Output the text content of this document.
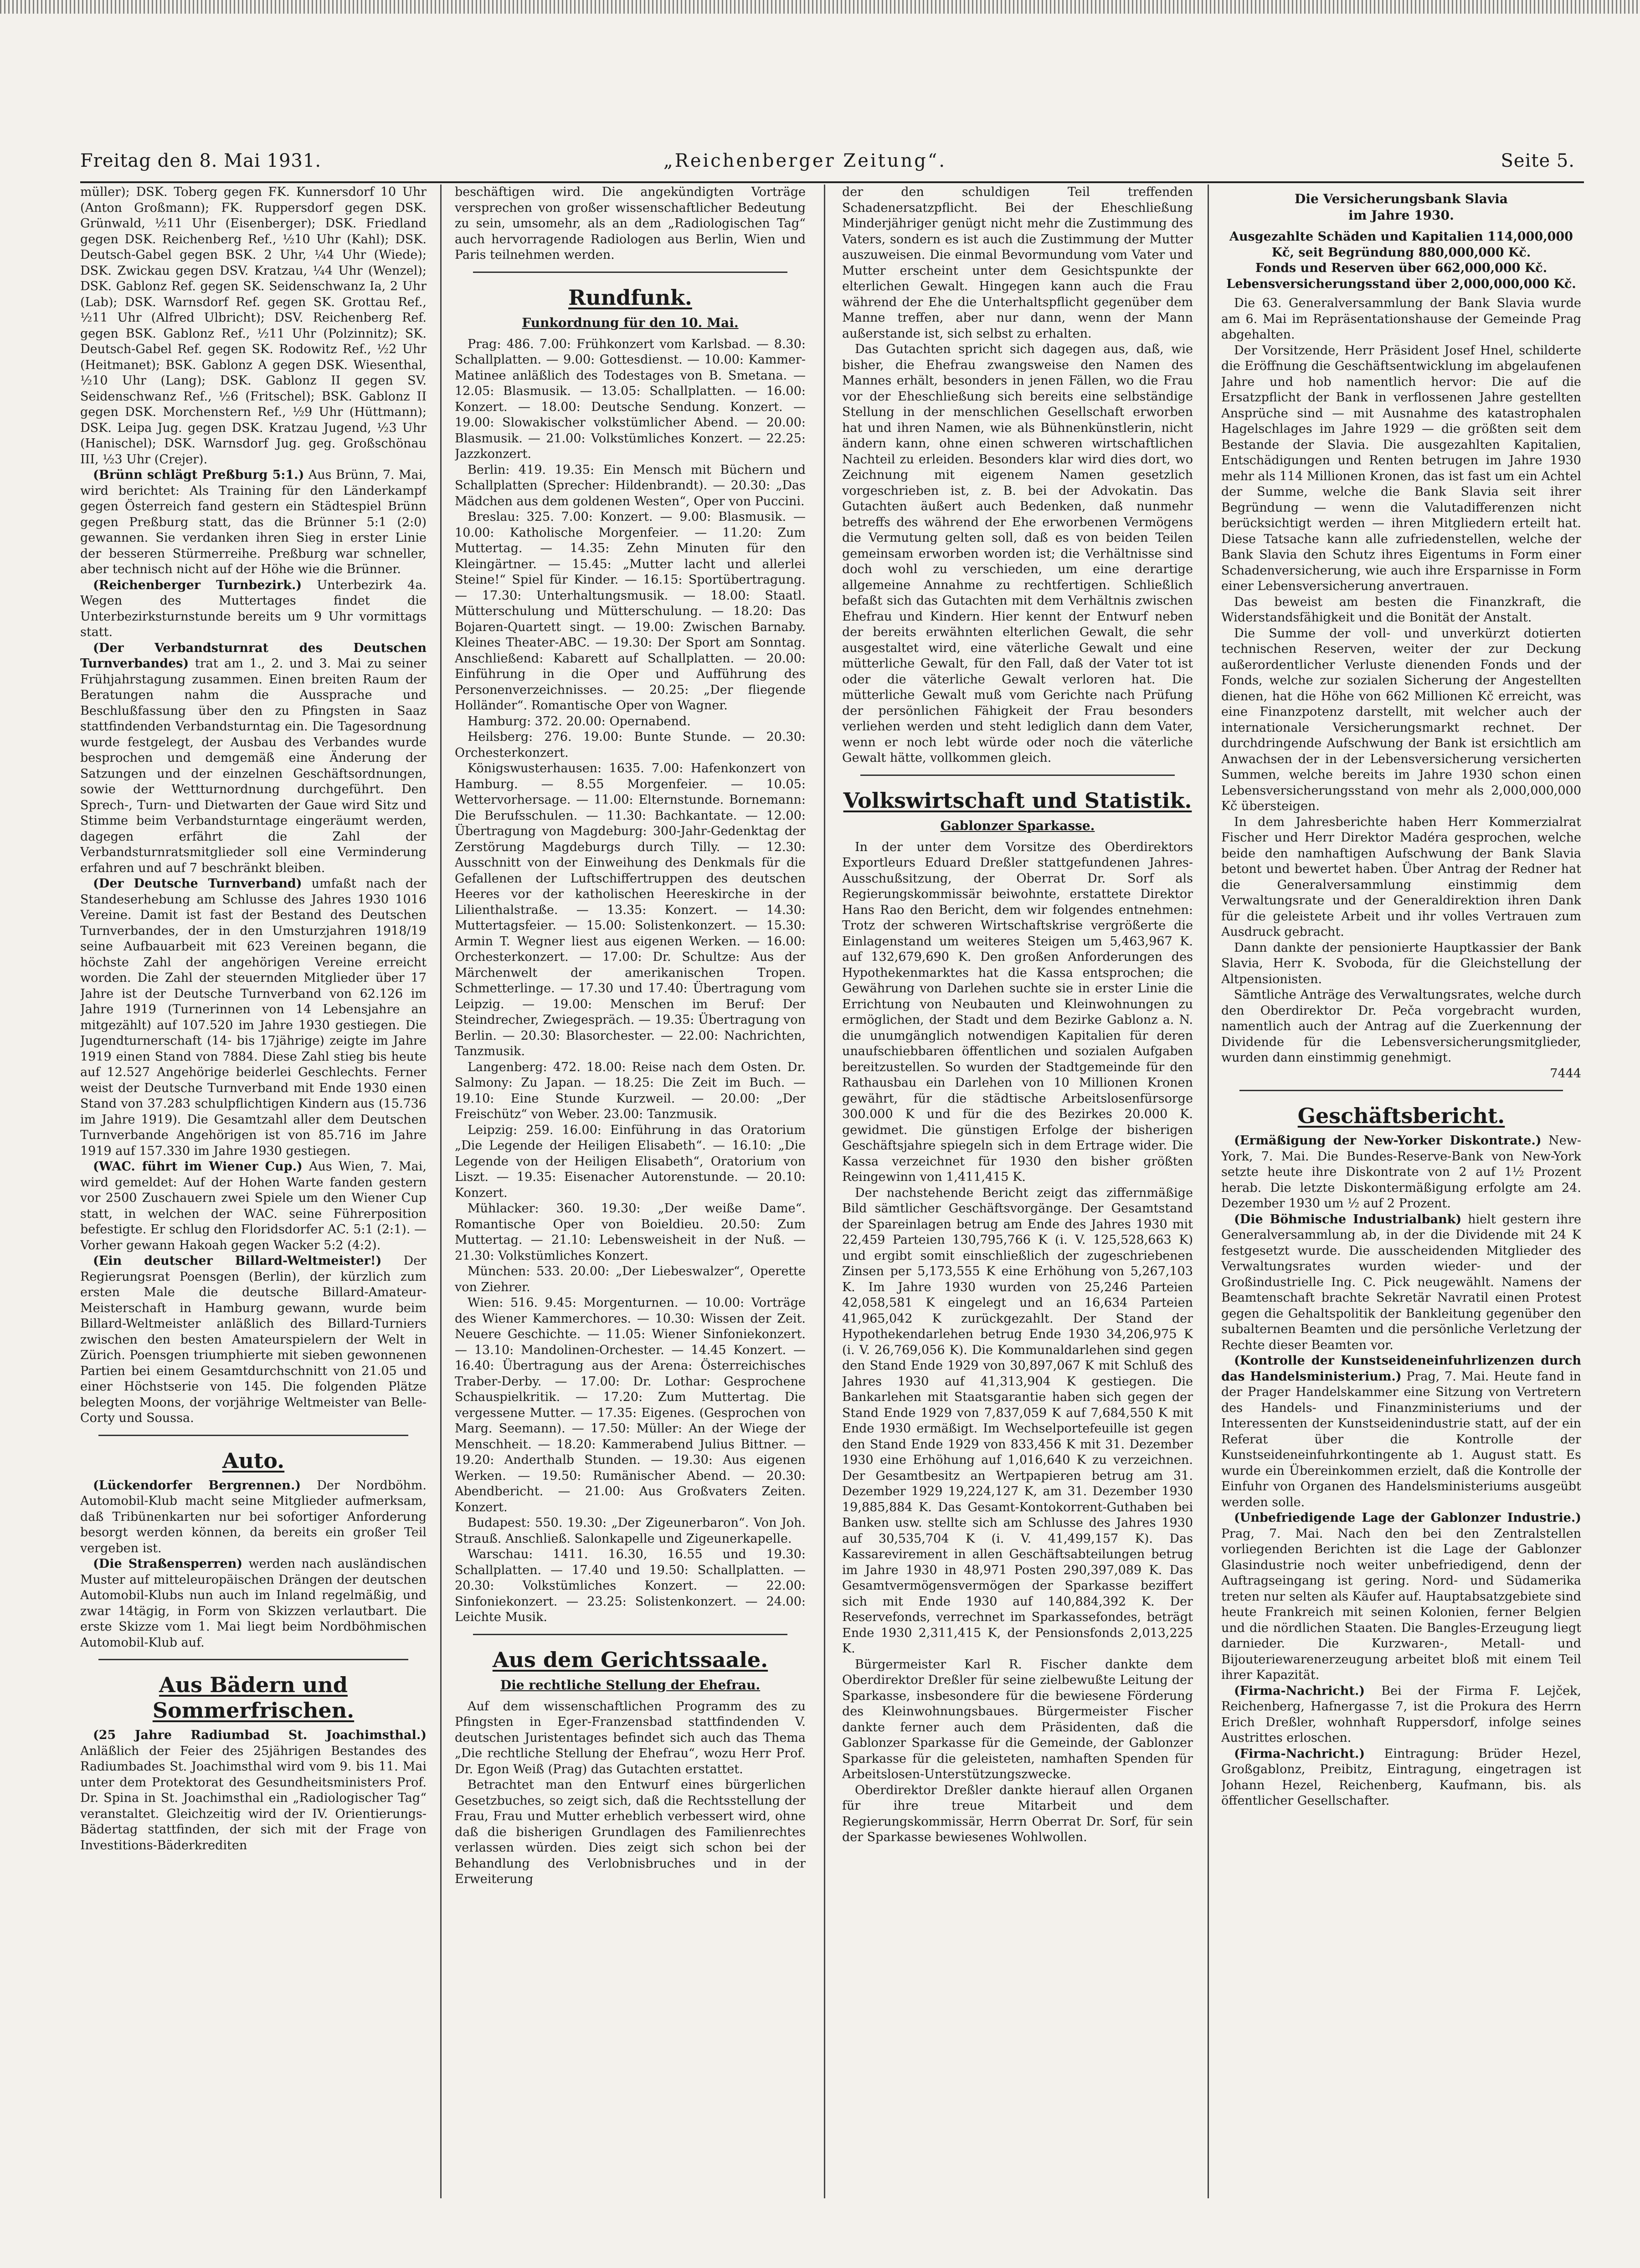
Freitag den 8. Mai 1931.	„Reichenberger Zeitung“.	Seite 5.

müller); DSK. Toberg gegen FK. Kunnersdorf 10 Uhr (Anton Großmann); FK. Ruppersdorf gegen DSK. Grünwald, ½11 Uhr (Eisenberger); DSK. Friedland gegen DSK. Reichenberg Ref., ½10 Uhr (Kahl); DSK. Deutsch-Gabel gegen BSK. 2 Uhr, ¼4 Uhr (Wiede); DSK. Zwickau gegen DSV. Kratzau, ¼4 Uhr (Wenzel); DSK. Gablonz Ref. gegen SK. Seidenschwanz Ia, 2 Uhr (Lab); DSK. Warnsdorf Ref. gegen SK. Grottau Ref., ½11 Uhr (Alfred Ulbricht); DSV. Reichenberg Ref. gegen BSK. Gablonz Ref., ½11 Uhr (Polzinnitz); SK. Deutsch-Gabel Ref. gegen SK. Rodowitz Ref., ½2 Uhr (Heitmanet); BSK. Gablonz A gegen DSK. Wiesenthal, ½10 Uhr (Lang); DSK. Gablonz II gegen SV. Seidenschwanz Ref., ½6 (Fritschel); BSK. Gablonz II gegen DSK. Morchenstern Ref., ½9 Uhr (Hüttmann); DSK. Leipa Jug. gegen DSK. Kratzau Jugend, ½3 Uhr (Hanischel); DSK. Warnsdorf Jug. geg. Großschönau III, ½3 Uhr (Crejer).

(Brünn schlägt Preßburg 5:1.) Aus Brünn, 7. Mai, wird berichtet: Als Training für den Länderkampf gegen Österreich fand gestern ein Städtespiel Brünn gegen Preßburg statt, das die Brünner 5:1 (2:0) gewannen. Sie verdanken ihren Sieg in erster Linie der besseren Stürmerreihe. Preßburg war schneller, aber technisch nicht auf der Höhe wie die Brünner.

(Reichenberger Turnbezirk.) Unterbezirk 4a. Wegen des Muttertages findet die Unterbezirksturnstunde bereits um 9 Uhr vormittags statt.

(Der Verbandsturnrat des Deutschen Turnverbandes) trat am 1., 2. und 3. Mai zu seiner Frühjahrstagung zusammen. Einen breiten Raum der Beratungen nahm die Aussprache und Beschlußfassung über den zu Pfingsten in Saaz stattfindenden Verbandsturntag ein. Die Tagesordnung wurde festgelegt, der Ausbau des Verbandes wurde besprochen und demgemäß eine Änderung der Satzungen und der einzelnen Geschäftsordnungen, sowie der Wettturnordnung durchgeführt. Den Sprech-, Turn- und Dietwarten der Gaue wird Sitz und Stimme beim Verbandsturntage eingeräumt werden, dagegen erfährt die Zahl der Verbandsturnratsmitglieder soll eine Verminderung erfahren und auf 7 beschränkt bleiben.

(Der Deutsche Turnverband) umfaßt nach der Standeserhebung am Schlusse des Jahres 1930 1016 Vereine. Damit ist fast der Bestand des Deutschen Turnverbandes, der in den Umsturzjahren 1918/19 seine Aufbauarbeit mit 623 Vereinen begann, die höchste Zahl der angehörigen Vereine erreicht worden. Die Zahl der steuernden Mitglieder über 17 Jahre ist der Deutsche Turnverband von 62.126 im Jahre 1919 (Turnerinnen von 14 Lebensjahre an mitgezählt) auf 107.520 im Jahre 1930 gestiegen. Die Jugendturnerschaft (14- bis 17jährige) zeigte im Jahre 1919 einen Stand von 7884. Diese Zahl stieg bis heute auf 12.527 Angehörige beiderlei Geschlechts. Ferner weist der Deutsche Turnverband mit Ende 1930 einen Stand von 37.283 schulpflichtigen Kindern aus (15.736 im Jahre 1919). Die Gesamtzahl aller dem Deutschen Turnverbande Angehörigen ist von 85.716 im Jahre 1919 auf 157.330 im Jahre 1930 gestiegen.

(WAC. führt im Wiener Cup.) Aus Wien, 7. Mai, wird gemeldet: Auf der Hohen Warte fanden gestern vor 2500 Zuschauern zwei Spiele um den Wiener Cup statt, in welchen der WAC. seine Führerposition befestigte. Er schlug den Floridsdorfer AC. 5:1 (2:1). — Vorher gewann Hakoah gegen Wacker 5:2 (4:2).

(Ein deutscher Billard-Weltmeister!) Der Regierungsrat Poensgen (Berlin), der kürzlich zum ersten Male die deutsche Billard-Amateur-Meisterschaft in Hamburg gewann, wurde beim Billard-Weltmeister anläßlich des Billard-Turniers zwischen den besten Amateurspielern der Welt in Zürich. Poensgen triumphierte mit sieben gewonnenen Partien bei einem Gesamtdurchschnitt von 21.05 und einer Höchstserie von 145. Die folgenden Plätze belegten Moons, der vorjährige Weltmeister van Belle-Corty und Soussa.

Auto.

(Lückendorfer Bergrennen.) Der Nordböhm. Automobil-Klub macht seine Mitglieder aufmerksam, daß Tribünenkarten nur bei sofortiger Anforderung besorgt werden können, da bereits ein großer Teil vergeben ist.

(Die Straßensperren) werden nach ausländischen Muster auf mitteleuropäischen Drängen der deutschen Automobil-Klubs nun auch im Inland regelmäßig, und zwar 14tägig, in Form von Skizzen verlautbart. Die erste Skizze vom 1. Mai liegt beim Nordböhmischen Automobil-Klub auf.

Aus Bädern und Sommerfrischen.

(25 Jahre Radiumbad St. Joachimsthal.) Anläßlich der Feier des 25jährigen Bestandes des Radiumbades St. Joachimsthal wird vom 9. bis 11. Mai unter dem Protektorat des Gesundheitsministers Prof. Dr. Spina in St. Joachimsthal ein „Radiologischer Tag“ veranstaltet. Gleichzeitig wird der IV. Orientierungs-Bädertag stattfinden, der sich mit der Frage von Investitions-Bäderkrediten

beschäftigen wird. Die angekündigten Vorträge versprechen von großer wissenschaftlicher Bedeutung zu sein, umsomehr, als an dem „Radiologischen Tag“ auch hervorragende Radiologen aus Berlin, Wien und Paris teilnehmen werden.

Rundfunk.
Funkordnung für den 10. Mai.

Prag: 486. 7.00: Frühkonzert vom Karlsbad. — 8.30: Schallplatten. — 9.00: Gottesdienst. — 10.00: Kammer-Matinee anläßlich des Todestages von B. Smetana. — 12.05: Blasmusik. — 13.05: Schallplatten. — 16.00: Konzert. — 18.00: Deutsche Sendung. Konzert. — 19.00: Slowakischer volkstümlicher Abend. — 20.00: Blasmusik. — 21.00: Volkstümliches Konzert. — 22.25: Jazzkonzert.

Berlin: 419. 19.35: Ein Mensch mit Büchern und Schallplatten (Sprecher: Hildenbrandt). — 20.30: „Das Mädchen aus dem goldenen Westen“, Oper von Puccini.

Breslau: 325. 7.00: Konzert. — 9.00: Blasmusik. — 10.00: Katholische Morgenfeier. — 11.20: Zum Muttertag. — 14.35: Zehn Minuten für den Kleingärtner. — 15.45: „Mutter lacht und allerlei Steine!“ Spiel für Kinder. — 16.15: Sportübertragung. — 17.30: Unterhaltungsmusik. — 18.00: Staatl. Mütterschulung und Mütterschulung. — 18.20: Das Bojaren-Quartett singt. — 19.00: Zwischen Barnaby. Kleines Theater-ABC. — 19.30: Der Sport am Sonntag. Anschließend: Kabarett auf Schallplatten. — 20.00: Einführung in die Oper und Aufführung des Personenverzeichnisses. — 20.25: „Der fliegende Holländer“. Romantische Oper von Wagner.

Hamburg: 372. 20.00: Opernabend.

Heilsberg: 276. 19.00: Bunte Stunde. — 20.30: Orchesterkonzert.

Königswusterhausen: 1635. 7.00: Hafenkonzert von Hamburg. — 8.55 Morgenfeier. — 10.05: Wettervorhersage. — 11.00: Elternstunde. Bornemann: Die Berufsschulen. — 11.30: Bachkantate. — 12.00: Übertragung von Magdeburg: 300-Jahr-Gedenktag der Zerstörung Magdeburgs durch Tilly. — 12.30: Ausschnitt von der Einweihung des Denkmals für die Gefallenen der Luftschiffertruppen des deutschen Heeres vor der katholischen Heereskirche in der Lilienthalstraße. — 13.35: Konzert. — 14.30: Muttertagsfeier. — 15.00: Solistenkonzert. — 15.30: Armin T. Wegner liest aus eigenen Werken. — 16.00: Orchesterkonzert. — 17.00: Dr. Schultze: Aus der Märchenwelt der amerikanischen Tropen. Schmetterlinge. — 17.30 und 17.40: Übertragung vom Leipzig. — 19.00: Menschen im Beruf: Der Steindrecher, Zwiegespräch. — 19.35: Übertragung von Berlin. — 20.30: Blasorchester. — 22.00: Nachrichten, Tanzmusik.

Langenberg: 472. 18.00: Reise nach dem Osten. Dr. Salmony: Zu Japan. — 18.25: Die Zeit im Buch. — 19.10: Eine Stunde Kurzweil. — 20.00: „Der Freischütz“ von Weber. 23.00: Tanzmusik.

Leipzig: 259. 16.00: Einführung in das Oratorium „Die Legende der Heiligen Elisabeth“. — 16.10: „Die Legende von der Heiligen Elisabeth“, Oratorium von Liszt. — 19.35: Eisenacher Autorenstunde. — 20.10: Konzert.

Mühlacker: 360. 19.30: „Der weiße Dame“. Romantische Oper von Boieldieu. 20.50: Zum Muttertag. — 21.10: Lebensweisheit in der Nuß. — 21.30: Volkstümliches Konzert.

München: 533. 20.00: „Der Liebeswalzer“, Operette von Ziehrer.

Wien: 516. 9.45: Morgenturnen. — 10.00: Vorträge des Wiener Kammerchores. — 10.30: Wissen der Zeit. Neuere Geschichte. — 11.05: Wiener Sinfoniekonzert. — 13.10: Mandolinen-Orchester. — 14.45 Konzert. — 16.40: Übertragung aus der Arena: Österreichisches Traber-Derby. — 17.00: Dr. Lothar: Gesprochene Schauspielkritik. — 17.20: Zum Muttertag. Die vergessene Mutter. — 17.35: Eigenes. (Gesprochen von Marg. Seemann). — 17.50: Müller: An der Wiege der Menschheit. — 18.20: Kammerabend Julius Bittner. — 19.20: Anderthalb Stunden. — 19.30: Aus eigenen Werken. — 19.50: Rumänischer Abend. — 20.30: Abendbericht. — 21.00: Aus Großvaters Zeiten. Konzert.

Budapest: 550. 19.30: „Der Zigeunerbaron“. Von Joh. Strauß. Anschließ. Salonkapelle und Zigeunerkapelle.

Warschau: 1411. 16.30, 16.55 und 19.30: Schallplatten. — 17.40 und 19.50: Schallplatten. — 20.30: Volkstümliches Konzert. — 22.00: Sinfoniekonzert. — 23.25: Solistenkonzert. — 24.00: Leichte Musik.

Aus dem Gerichtssaale.
Die rechtliche Stellung der Ehefrau.

Auf dem wissenschaftlichen Programm des zu Pfingsten in Eger-Franzensbad stattfindenden V. deutschen Juristentages befindet sich auch das Thema „Die rechtliche Stellung der Ehefrau“, wozu Herr Prof. Dr. Egon Weiß (Prag) das Gutachten erstattet.

Betrachtet man den Entwurf eines bürgerlichen Gesetzbuches, so zeigt sich, daß die Rechtsstellung der Frau, Frau und Mutter erheblich verbessert wird, ohne daß die bisherigen Grundlagen des Familienrechtes verlassen würden. Dies zeigt sich schon bei der Behandlung des Verlobnisbruches und in der Erweiterung

der den schuldigen Teil treffenden Schadenersatzpflicht. Bei der Eheschließung Minderjähriger genügt nicht mehr die Zustimmung des Vaters, sondern es ist auch die Zustimmung der Mutter auszuweisen. Die einmal Bevormundung vom Vater und Mutter erscheint unter dem Gesichtspunkte der elterlichen Gewalt. Hingegen kann auch die Frau während der Ehe die Unterhaltspflicht gegenüber dem Manne treffen, aber nur dann, wenn der Mann außerstande ist, sich selbst zu erhalten.

Das Gutachten spricht sich dagegen aus, daß, wie bisher, die Ehefrau zwangsweise den Namen des Mannes erhält, besonders in jenen Fällen, wo die Frau vor der Eheschließung sich bereits eine selbständige Stellung in der menschlichen Gesellschaft erworben hat und ihren Namen, wie als Bühnenkünstlerin, nicht ändern kann, ohne einen schweren wirtschaftlichen Nachteil zu erleiden. Besonders klar wird dies dort, wo Zeichnung mit eigenem Namen gesetzlich vorgeschrieben ist, z. B. bei der Advokatin. Das Gutachten äußert auch Bedenken, daß nunmehr betreffs des während der Ehe erworbenen Vermögens die Vermutung gelten soll, daß es von beiden Teilen gemeinsam erworben worden ist; die Verhältnisse sind doch wohl zu verschieden, um eine derartige allgemeine Annahme zu rechtfertigen. Schließlich befaßt sich das Gutachten mit dem Verhältnis zwischen Ehefrau und Kindern. Hier kennt der Entwurf neben der bereits erwähnten elterlichen Gewalt, die sehr ausgestaltet wird, eine väterliche Gewalt und eine mütterliche Gewalt, für den Fall, daß der Vater tot ist oder die väterliche Gewalt verloren hat. Die mütterliche Gewalt muß vom Gerichte nach Prüfung der persönlichen Fähigkeit der Frau besonders verliehen werden und steht lediglich dann dem Vater, wenn er noch lebt würde oder noch die väterliche Gewalt hätte, vollkommen gleich.

Volkswirtschaft und Statistik.
Gablonzer Sparkasse.

In der unter dem Vorsitze des Oberdirektors Exportleurs Eduard Dreßler stattgefundenen Jahres-Ausschußsitzung, der Oberrat Dr. Sorf als Regierungskommissär beiwohnte, erstattete Direktor Hans Rao den Bericht, dem wir folgendes entnehmen: Trotz der schweren Wirtschaftskrise vergrößerte die Einlagenstand um weiteres Steigen um 5,463,967 K. auf 132,679,690 K. Den großen Anforderungen des Hypothekenmarktes hat die Kassa entsprochen; die Gewährung von Darlehen suchte sie in erster Linie die Errichtung von Neubauten und Kleinwohnungen zu ermöglichen, der Stadt und dem Bezirke Gablonz a. N. die unumgänglich notwendigen Kapitalien für deren unaufschiebbaren öffentlichen und sozialen Aufgaben bereitzustellen. So wurden der Stadtgemeinde für den Rathausbau ein Darlehen von 10 Millionen Kronen gewährt, für die städtische Arbeitslosenfürsorge 300.000 K und für die des Bezirkes 20.000 K. gewidmet. Die günstigen Erfolge der bisherigen Geschäftsjahre spiegeln sich in dem Ertrage wider. Die Kassa verzeichnet für 1930 den bisher größten Reingewinn von 1,411,415 K.

Der nachstehende Bericht zeigt das ziffernmäßige Bild sämtlicher Geschäftsvorgänge. Der Gesamtstand der Spareinlagen betrug am Ende des Jahres 1930 mit 22,459 Parteien 130,795,766 K (i. V. 125,528,663 K) und ergibt somit einschließlich der zugeschriebenen Zinsen per 5,173,555 K eine Erhöhung von 5,267,103 K. Im Jahre 1930 wurden von 25,246 Parteien 42,058,581 K eingelegt und an 16,634 Parteien 41,965,042 K zurückgezahlt. Der Stand der Hypothekendarlehen betrug Ende 1930 34,206,975 K (i. V. 26,769,056 K). Die Kommunaldarlehen sind gegen den Stand Ende 1929 von 30,897,067 K mit Schluß des Jahres 1930 auf 41,313,904 K gestiegen. Die Bankarlehen mit Staatsgarantie haben sich gegen der Stand Ende 1929 von 7,837,059 K auf 7,684,550 K mit Ende 1930 ermäßigt. Im Wechselportefeuille ist gegen den Stand Ende 1929 von 833,456 K mit 31. Dezember 1930 eine Erhöhung auf 1,016,640 K zu verzeichnen. Der Gesamtbesitz an Wertpapieren betrug am 31. Dezember 1929 19,224,127 K, am 31. Dezember 1930 19,885,884 K. Das Gesamt-Kontokorrent-Guthaben bei Banken usw. stellte sich am Schlusse des Jahres 1930 auf 30,535,704 K (i. V. 41,499,157 K). Das Kassarevirement in allen Geschäftsabteilungen betrug im Jahre 1930 in 48,971 Posten 290,397,089 K. Das Gesamtvermögensvermögen der Sparkasse beziffert sich mit Ende 1930 auf 140,884,392 K. Der Reservefonds, verrechnet im Sparkassefondes, beträgt Ende 1930 2,311,415 K, der Pensionsfonds 2,013,225 K.

Bürgermeister Karl R. Fischer dankte dem Oberdirektor Dreßler für seine zielbewußte Leitung der Sparkasse, insbesondere für die bewiesene Förderung des Kleinwohnungsbaues. Bürgermeister Fischer dankte ferner auch dem Präsidenten, daß die Gablonzer Sparkasse für die Gemeinde, der Gablonzer Sparkasse für die geleisteten, namhaften Spenden für Arbeitslosen-Unterstützungszwecke.

Oberdirektor Dreßler dankte hierauf allen Organen für ihre treue Mitarbeit und dem Regierungskommissär, Herrn Oberrat Dr. Sorf, für sein der Sparkasse bewiesenes Wohlwollen.

Die Versicherungsbank Slavia
im Jahre 1930.

Ausgezahlte Schäden und Kapitalien 114,000,000 Kč, seit Begründung 880,000,000 Kč.

Fonds und Reserven über 662,000,000 Kč.

Lebensversicherungsstand über 2,000,000,000 Kč.

Die 63. Generalversammlung der Bank Slavia wurde am 6. Mai im Repräsentationshause der Gemeinde Prag abgehalten.

Der Vorsitzende, Herr Präsident Josef Hnel, schilderte die Eröffnung die Geschäftsentwicklung im abgelaufenen Jahre und hob namentlich hervor: Die auf die Ersatzpflicht der Bank in verflossenen Jahre gestellten Ansprüche sind — mit Ausnahme des katastrophalen Hagelschlages im Jahre 1929 — die größten seit dem Bestande der Slavia. Die ausgezahlten Kapitalien, Entschädigungen und Renten betrugen im Jahre 1930 mehr als 114 Millionen Kronen, das ist fast um ein Achtel der Summe, welche die Bank Slavia seit ihrer Begründung — wenn die Valutadifferenzen nicht berücksichtigt werden — ihren Mitgliedern erteilt hat. Diese Tatsache kann alle zufriedenstellen, welche der Bank Slavia den Schutz ihres Eigentums in Form einer Schadenversicherung, wie auch ihre Ersparnisse in Form einer Lebensversicherung anvertrauen.

Das beweist am besten die Finanzkraft, die Widerstandsfähigkeit und die Bonität der Anstalt.

Die Summe der voll- und unverkürzt dotierten technischen Reserven, weiter der zur Deckung außerordentlicher Verluste dienenden Fonds und der Fonds, welche zur sozialen Sicherung der Angestellten dienen, hat die Höhe von 662 Millionen Kč erreicht, was eine Finanzpotenz darstellt, mit welcher auch der internationale Versicherungsmarkt rechnet. Der durchdringende Aufschwung der Bank ist ersichtlich am Anwachsen der in der Lebensversicherung versicherten Summen, welche bereits im Jahre 1930 schon einen Lebensversicherungsstand von mehr als 2,000,000,000 Kč übersteigen.

In dem Jahresberichte haben Herr Kommerzialrat Fischer und Herr Direktor Madéra gesprochen, welche beide den namhaftigen Aufschwung der Bank Slavia betont und bewertet haben. Über Antrag der Redner hat die Generalversammlung einstimmig dem Verwaltungsrate und der Generaldirektion ihren Dank für die geleistete Arbeit und ihr volles Vertrauen zum Ausdruck gebracht.

Dann dankte der pensionierte Hauptkassier der Bank Slavia, Herr K. Svoboda, für die Gleichstellung der Altpensionisten.

Sämtliche Anträge des Verwaltungsrates, welche durch den Oberdirektor Dr. Peča vorgebracht wurden, namentlich auch der Antrag auf die Zuerkennung der Dividende für die Lebensversicherungsmitglieder, wurden dann einstimmig genehmigt.

7444

Geschäftsbericht.

(Ermäßigung der New-Yorker Diskontrate.) New-York, 7. Mai. Die Bundes-Reserve-Bank von New-York setzte heute ihre Diskontrate von 2 auf 1½ Prozent herab. Die letzte Diskontermäßigung erfolgte am 24. Dezember 1930 um ½ auf 2 Prozent.

(Die Böhmische Industrialbank) hielt gestern ihre Generalversammlung ab, in der die Dividende mit 24 K festgesetzt wurde. Die ausscheidenden Mitglieder des Verwaltungsrates wurden wieder- und der Großindustrielle Ing. C. Pick neugewählt. Namens der Beamtenschaft brachte Sekretär Navratil einen Protest gegen die Gehaltspolitik der Bankleitung gegenüber den subalternen Beamten und die persönliche Verletzung der Rechte dieser Beamten vor.

(Kontrolle der Kunstseideneinfuhrlizenzen durch das Handelsministerium.) Prag, 7. Mai. Heute fand in der Prager Handelskammer eine Sitzung von Vertretern des Handels- und Finanzministeriums und der Interessenten der Kunstseidenindustrie statt, auf der ein Referat über die Kontrolle der Kunstseideneinfuhrkontingente ab 1. August statt. Es wurde ein Übereinkommen erzielt, daß die Kontrolle der Einfuhr von Organen des Handelsministeriums ausgeübt werden solle.

(Unbefriedigende Lage der Gablonzer Industrie.) Prag, 7. Mai. Nach den bei den Zentralstellen vorliegenden Berichten ist die Lage der Gablonzer Glasindustrie noch weiter unbefriedigend, denn der Auftragseingang ist gering. Nord- und Südamerika treten nur selten als Käufer auf. Hauptabsatzgebiete sind heute Frankreich mit seinen Kolonien, ferner Belgien und die nördlichen Staaten. Die Bangles-Erzeugung liegt darnieder. Die Kurzwaren-, Metall- und Bijouteriewarenerzeugung arbeitet bloß mit einem Teil ihrer Kapazität.

(Firma-Nachricht.) Bei der Firma F. Lejček, Reichenberg, Hafnergasse 7, ist die Prokura des Herrn Erich Dreßler, wohnhaft Ruppersdorf, infolge seines Austrittes erloschen.

(Firma-Nachricht.) Eintragung: Brüder Hezel, Großgablonz, Preibitz, Eintragung, eingetragen ist Johann Hezel, Reichenberg, Kaufmann, bis. als öffentlicher Gesellschafter.
